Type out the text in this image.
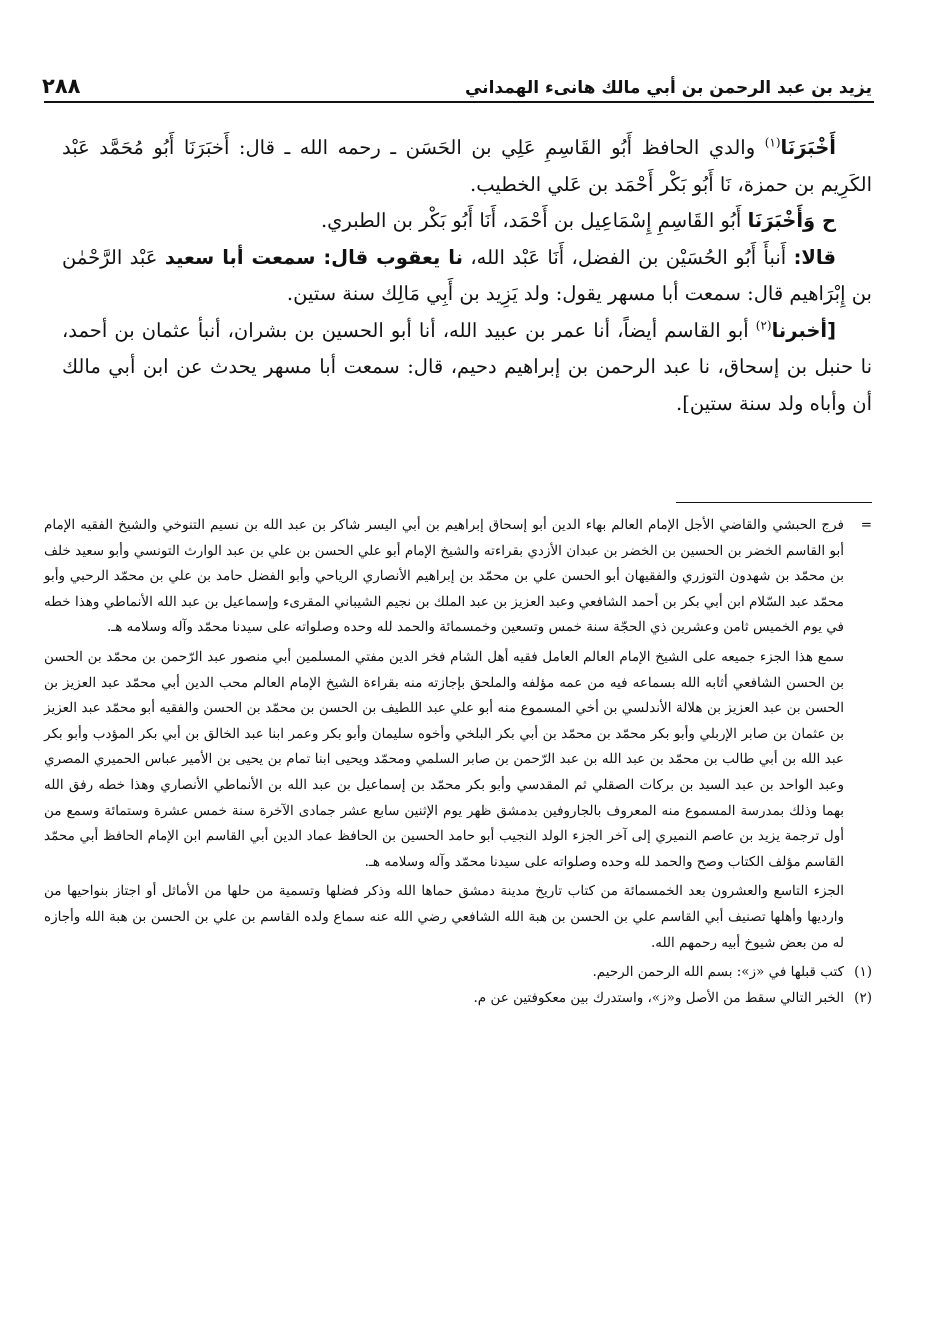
يزيد بن عبد الرحمن بن أبي مالك هانىء الهمداني
٢٨٨

أَخْبَرَنَا$^{(١)}$ والدي الحافظ أَبُو القَاسِمِ عَلِي بن الحَسَن ـ رحمه الله ـ قال: أَخبَرَنَا أَبُو مُحَمَّد عَبْد الكَرِيم بن حمزة، نَا أَبُو بَكْر أَحْمَد بن عَلي الخطيب.

ح وَأَخْبَرَنَا أَبُو القَاسِمِ إِسْمَاعِيل بن أَحْمَد، أَنَا أَبُو بَكْر بن الطبري.

قالا: أَنبأَ أَبُو الحُسَيْن بن الفضل، أَنَا عَبْد الله، نا يعقوب قال: سمعت أبا سعيد عَبْد الرَّحْمٰن بن إِبْرَاهيم قال: سمعت أبا مسهر يقول: ولد يَزِيد بن أَبِي مَالِك سنة ستين.

[أخبرنا$^{(٢)}$ أبو القاسم أيضاً، أنا عمر بن عبيد الله، أنا أبو الحسين بن بشران، أنبأ عثمان بن أحمد، نا حنبل بن إسحاق، نا عبد الرحمن بن إبراهيم دحيم، قال: سمعت أبا مسهر يحدث عن ابن أبي مالك أن وأباه ولد سنة ستين].

=

فرج الحبشي والقاضي الأجل الإمام العالم بهاء الدين أبو إسحاق إبراهيم بن أبي اليسر شاكر بن عبد الله بن نسيم التنوخي والشيخ الفقيه الإمام أبو القاسم الخضر بن الحسين بن الخضر بن عبدان الأزدي بقراءته والشيخ الإمام أبو علي الحسن بن علي بن عبد الوارث التونسي وأبو سعيد خلف بن محمّد بن شهدون التوزري والفقيهان أبو الحسن علي بن محمّد بن إبراهيم الأنصاري الرياحي وأبو الفضل حامد بن علي بن محمّد الرحبي وأبو محمّد عبد السّلام ابن أبي بكر بن أحمد الشافعي وعبد العزيز بن عبد الملك بن نجيم الشيباني المقرىء وإسماعيل بن عبد الله الأنماطي وهذا خطه في يوم الخميس ثامن وعشرين ذي الحجّة سنة خمس وتسعين وخمسمائة والحمد لله وحده وصلواته على سيدنا محمّد وآله وسلامه هـ.

سمع هذا الجزء جميعه على الشيخ الإمام العالم العامل فقيه أهل الشام فخر الدين مفتي المسلمين أبي منصور عبد الرّحمن بن محمّد بن الحسن بن الحسن الشافعي أثابه الله بسماعه فيه من عمه مؤلفه والملحق بإجازته منه بقراءة الشيخ الإمام العالم محب الدين أبي محمّد عبد العزيز بن الحسن بن عبد العزيز بن هلالة الأندلسي بن أخي المسموع منه أبو علي عبد اللطيف بن الحسن بن محمّد بن الحسن والفقيه أبو محمّد عبد العزيز بن عثمان بن صابر الإربلي وأبو بكر محمّد بن محمّد بن أبي بكر البلخي وأخوه سليمان وأبو بكر وعمر ابنا عبد الخالق بن أبي بكر المؤدب وأبو بكر عبد الله بن أبي طالب بن محمّد بن عبد الله بن عبد الرّحمن بن صابر السلمي ومحمّد ويحيى ابنا تمام بن يحيى بن الأمير عباس الحميري المصري وعبد الواحد بن عبد السيد بن بركات الصقلي ثم المقدسي وأبو بكر محمّد بن إسماعيل بن عبد الله بن الأنماطي الأنصاري وهذا خطه رفق الله بهما وذلك بمدرسة المسموع منه المعروف بالجاروفين بدمشق ظهر يوم الإثنين سابع عشر جمادى الآخرة سنة خمس عشرة وستمائة وسمع من أول ترجمة يزيد بن عاصم النميري إلى آخر الجزء الولد النجيب أبو حامد الحسين بن الحافظ عماد الدين أبي القاسم ابن الإمام الحافظ أبي محمّد القاسم مؤلف الكتاب وصح والحمد لله وحده وصلواته على سيدنا محمّد وآله وسلامه هـ.

الجزء التاسع والعشرون بعد الخمسمائة من كتاب تاريخ مدينة دمشق حماها الله وذكر فضلها وتسمية من حلها من الأماثل أو اجتاز بنواحيها من وارديها وأهلها تصنيف أبي القاسم علي بن الحسن بن هبة الله الشافعي رضي الله عنه سماع ولده القاسم بن علي بن الحسن بن هبة الله وأجازه له من بعض شيوخ أبيه رحمهم الله.

(١)
كتب قبلها في «ز»: بسم الله الرحمن الرحيم.
(٢)
الخبر التالي سقط من الأصل و«ز»، واستدرك بين معكوفتين عن م.
